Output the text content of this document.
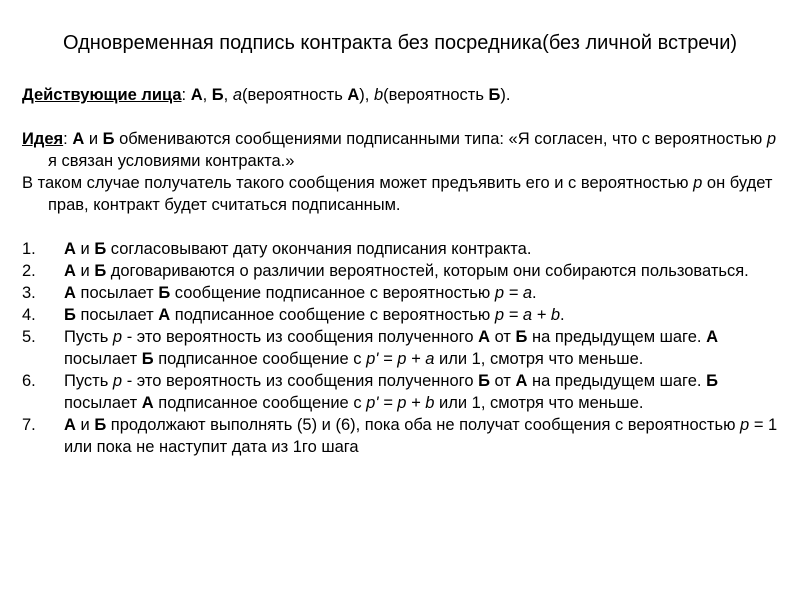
Одновременная подпись контракта без посредника(без личной встречи)
Действующие лица: А, Б, a(вероятность А), b(вероятность Б).
Идея: А и Б обмениваются сообщениями подписанными типа: «Я согласен, что с вероятностью p я связан условиями контракта.»
В таком случае получатель такого сообщения может предъявить его и с вероятностью p он будет прав, контракт будет считаться подписанным.
1. А и Б согласовывают дату окончания подписания контракта.
2. А и Б договариваются о различии вероятностей, которым они собираются пользоваться.
3. А посылает Б сообщение подписанное с вероятностью p = a.
4. Б посылает А подписанное сообщение с вероятностью p = a + b.
5. Пусть p - это вероятность из сообщения полученного А от Б на предыдущем шаге. А посылает Б подписанное сообщение с p' = p + a или 1, смотря что меньше.
6. Пусть p - это вероятность из сообщения полученного Б от А на предыдущем шаге. Б посылает А подписанное сообщение с p' = p + b или 1, смотря что меньше.
7. А и Б продолжают выполнять (5) и (6), пока оба не получат сообщения с вероятностью p = 1 или пока не наступит дата из 1го шага
